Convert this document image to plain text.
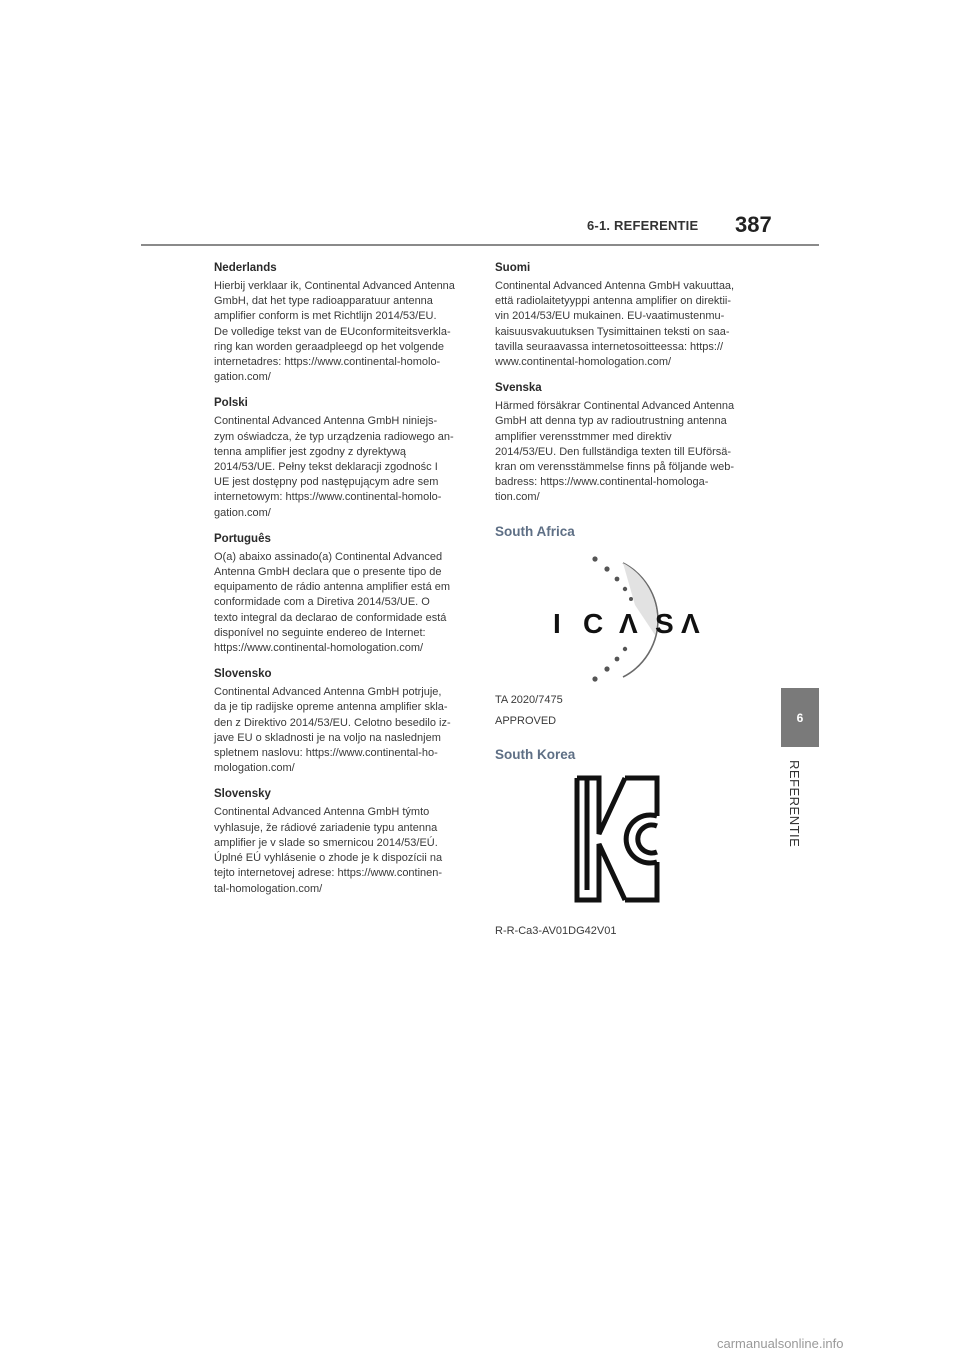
6-1. REFERENTIE 387
6
REFERENTIE
Nederlands

Hierbij verklaar ik, Continental Advanced Antenna
GmbH, dat het type radioapparatuur antenna
amplifier conform is met Richtlijn 2014/53/EU.
De volledige tekst van de EUconformiteitsverkla-
ring kan worden geraadpleegd op het volgende
internetadres: https://www.continental-homolo-
gation.com/

Polski

Continental Advanced Antenna GmbH niniejs-
zym oświadcza, że typ urządzenia radiowego an-
tenna amplifier jest zgodny z dyrektywą
2014/53/UE. Pełny tekst deklaracji zgodnośc I
UE jest dostępny pod następującym adre sem
internetowym: https://www.continental-homolo-
gation.com/

Português

O(a) abaixo assinado(a) Continental Advanced
Antenna GmbH declara que o presente tipo de
equipamento de rádio antenna amplifier está em
conformidade com a Diretiva 2014/53/UE. O
texto integral da declarao de conformidade está
disponível no seguinte endereo de Internet:
https://www.continental-homologation.com/

Slovensko

Continental Advanced Antenna GmbH potrjuje,
da je tip radijske opreme antenna amplifier skla-
den z Direktivo 2014/53/EU. Celotno besedilo iz-
jave EU o skladnosti je na voljo na naslednjem
spletnem naslovu: https://www.continental-ho-
mologation.com/

Slovensky

Continental Advanced Antenna GmbH týmto
vyhlasuje, že rádiové zariadenie typu antenna
amplifier je v slade so smernicou 2014/53/EÚ.
Úplné EÚ vyhlásenie o zhode je k dispozícii na
tejto internetovej adrese: https://www.continen-
tal-homologation.com/

Suomi

Continental Advanced Antenna GmbH vakuuttaa,
että radiolaitetyyppi antenna amplifier on direktii-
vin 2014/53/EU mukainen. EU-vaatimustenmu-
kaisuusvakuutuksen Tysimittainen teksti on saa-
tavilla seuraavassa internetosoitteessa: https://
www.continental-homologation.com/

Svenska

Härmed försäkrar Continental Advanced Antenna
GmbH att denna typ av radioutrustning antenna
amplifier verensstmmer med direktiv
2014/53/EU. Den fullständiga texten till EUförsä-
kran om verensstämmelse finns på följande web-
badress: https://www.continental-homologa-
tion.com/

South Africa
I C Λ S Λ
TA 2020/7475
APPROVED
South Korea
R-R-Ca3-AV01DG42V01
carmanualsonline.info
